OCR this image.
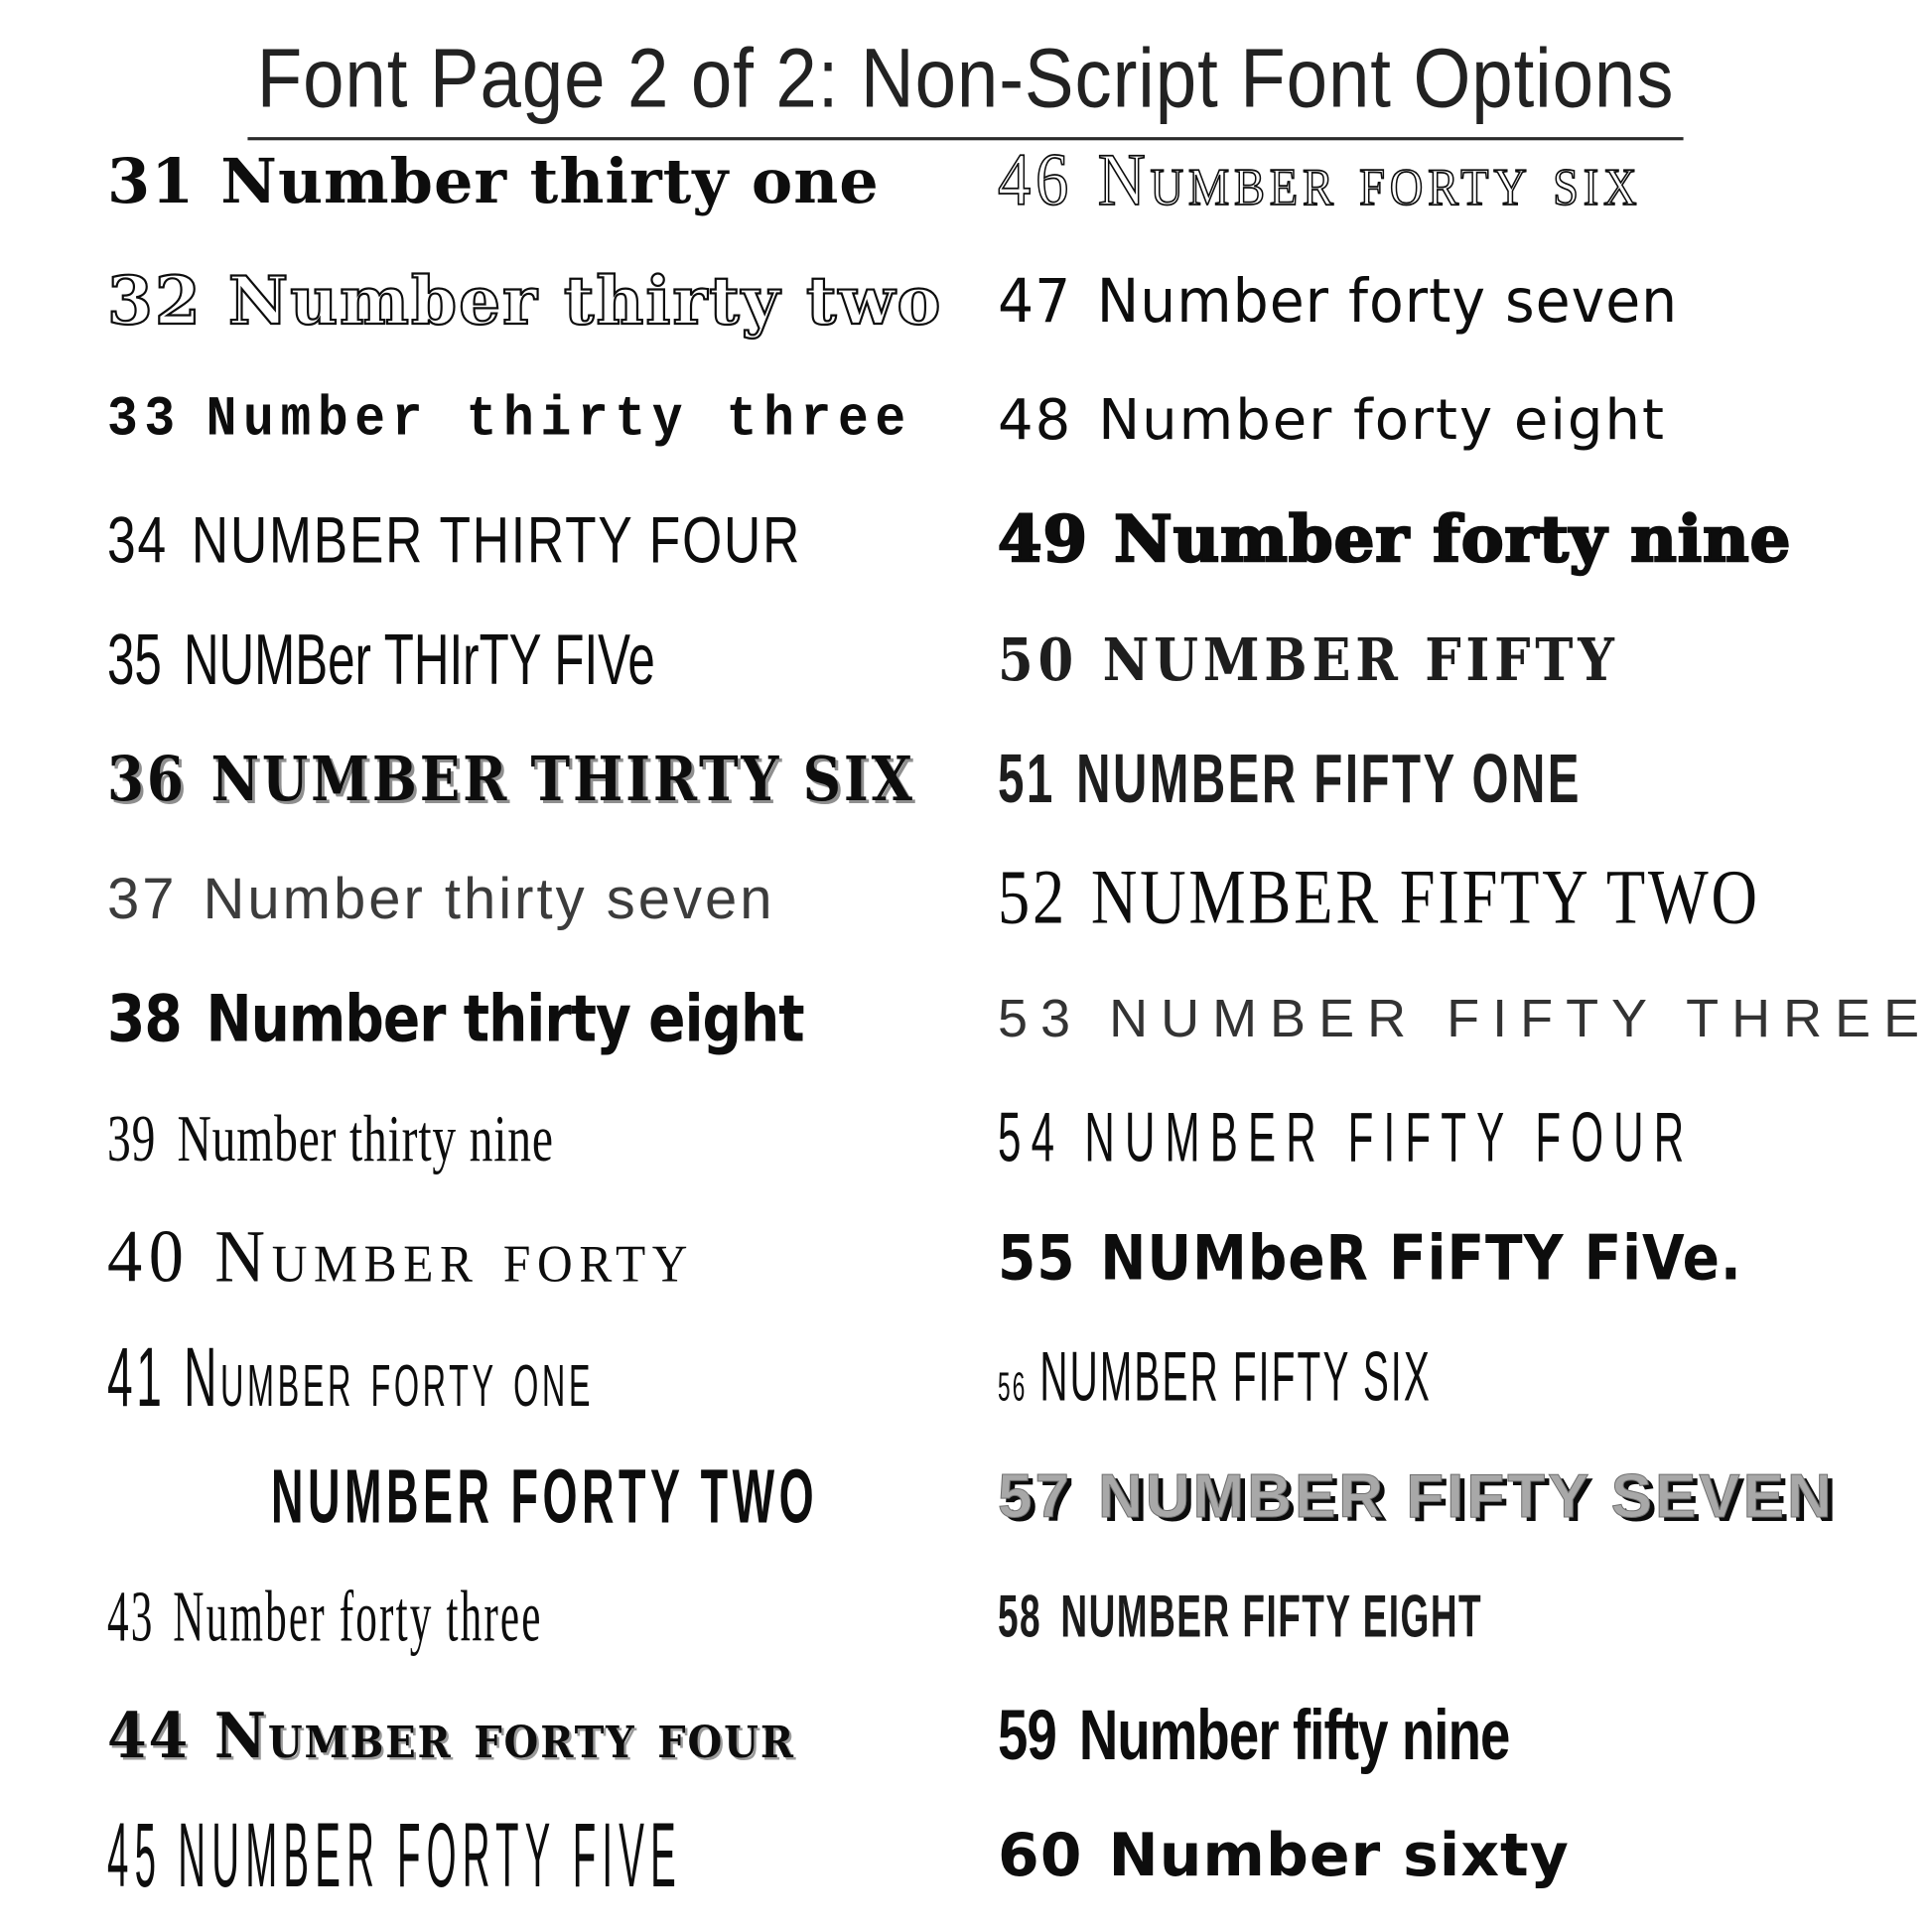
Font Page 2 of 2: Non-Script Font Options
31 Number thirty one
32 Number thirty two
33 Number thirty three
34 NUMBER THIRTY FOUR
35 NUMBer THIrTY FIVe
36 NUMBER THIRTY SIX
37 Number thirty seven
38 Number thirty eight
39 Number thirty nine
40 Number forty
41 Number forty one
NUMBER FORTY TWO
43 Number forty three
44 Number forty four
45 NUMBER FORTY FIVE
46 Number forty six
47 Number forty seven
48 Number forty eight
49 Number forty nine
50 NUMBER FIFTY
51 NUMBER FIFTY ONE
52 NUMBER FIFTY TWO
53 NUMBER FIFTY THREE
54 NUMBER FIFTY FOUR
55 NUMbeR FiFTY FiVe.
56 NUMBER FIFTY SIX
57 NUMBER FIFTY SEVEN
58 NUMBER FIFTY EIGHT
59 Number fifty nine
60 Number sixty
